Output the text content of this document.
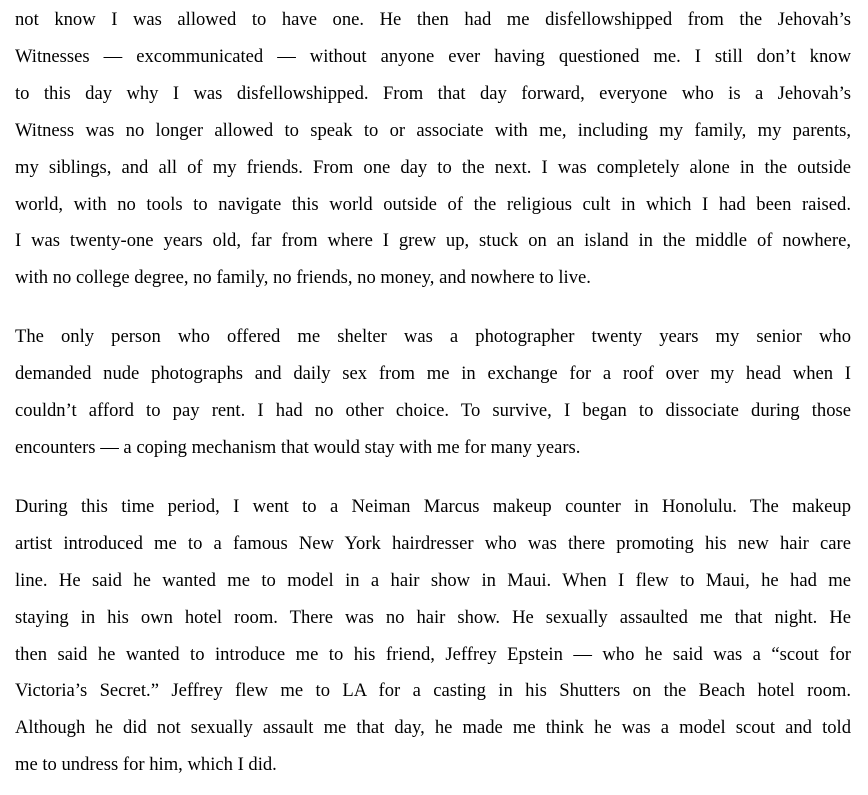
not know I was allowed to have one. He then had me disfellowshipped from the Jehovah’s
Witnesses — excommunicated — without anyone ever having questioned me. I still don’t know
to this day why I was disfellowshipped. From that day forward, everyone who is a Jehovah’s
Witness was no longer allowed to speak to or associate with me, including my family, my parents,
my siblings, and all of my friends. From one day to the next. I was completely alone in the outside
world, with no tools to navigate this world outside of the religious cult in which I had been raised.
I was twenty-one years old, far from where I grew up, stuck on an island in the middle of nowhere,
with no college degree, no family, no friends, no money, and nowhere to live.

The only person who offered me shelter was a photographer twenty years my senior who
demanded nude photographs and daily sex from me in exchange for a roof over my head when I
couldn’t afford to pay rent. I had no other choice. To survive, I began to dissociate during those
encounters — a coping mechanism that would stay with me for many years.

During this time period, I went to a Neiman Marcus makeup counter in Honolulu. The makeup
artist introduced me to a famous New York hairdresser who was there promoting his new hair care
line. He said he wanted me to model in a hair show in Maui. When I flew to Maui, he had me
staying in his own hotel room. There was no hair show. He sexually assaulted me that night. He
then said he wanted to introduce me to his friend, Jeffrey Epstein — who he said was a “scout for
Victoria’s Secret.” Jeffrey flew me to LA for a casting in his Shutters on the Beach hotel room.
Although he did not sexually assault me that day, he made me think he was a model scout and told
me to undress for him, which I did.
